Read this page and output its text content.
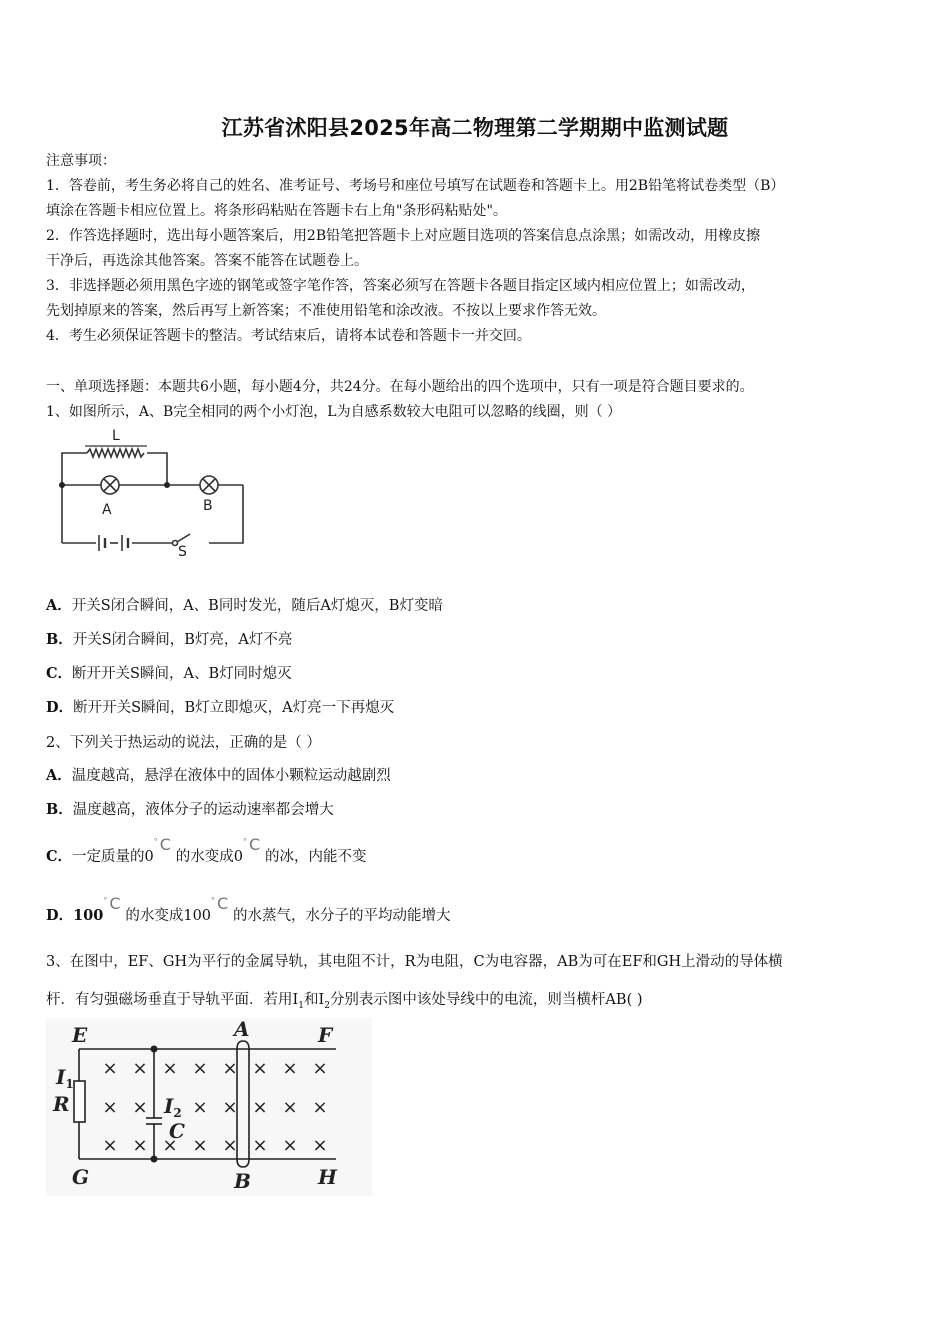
江苏省沭阳县2025年高二物理第二学期期中监测试题
注意事项：
1．答卷前，考生务必将自己的姓名、准考证号、考场号和座位号填写在试题卷和答题卡上。用2B铅笔将试卷类型（B）
填涂在答题卡相应位置上。将条形码粘贴在答题卡右上角"条形码粘贴处"。
2．作答选择题时，选出每小题答案后，用2B铅笔把答题卡上对应题目选项的答案信息点涂黑；如需改动，用橡皮擦
干净后，再选涂其他答案。答案不能答在试题卷上。
3．非选择题必须用黑色字迹的钢笔或签字笔作答，答案必须写在答题卡各题目指定区域内相应位置上；如需改动，
先划掉原来的答案，然后再写上新答案；不准使用铅笔和涂改液。不按以上要求作答无效。
4．考生必须保证答题卡的整洁。考试结束后，请将本试卷和答题卡一并交回。
一、单项选择题：本题共6小题，每小题4分，共24分。在每小题给出的四个选项中，只有一项是符合题目要求的。
1、如图所示，A、B完全相同的两个小灯泡，L为自感系数较大电阻可以忽略的线圈，则（ ）
L
A	B
S
A．开关S闭合瞬间，A、B同时发光，随后A灯熄灭，B灯变暗
B．开关S闭合瞬间，B灯亮，A灯不亮
C．断开开关S瞬间，A、B灯同时熄灭
D．断开开关S瞬间，B灯立即熄灭，A灯亮一下再熄灭
2、下列关于热运动的说法，正确的是（ ）
A．温度越高，悬浮在液体中的固体小颗粒运动越剧烈
B．温度越高，液体分子的运动速率都会增大
C．一定质量的0
° C
的水变成0
° C
的冰，内能不变
D．100
° C
的水变成100
° C
的水蒸气，水分子的平均动能增大
3、在图中，EF、GH为平行的金属导轨，其电阻不计，R为电阻，C为电容器，AB为可在EF和GH上滑动的导体横
杆．有匀强磁场垂直于导轨平面．若用$I_1$和$I_2$分别表示图中该处导线中的电流，则当横杆AB( )
× × × × × × × ×
× × × × × × ×
× × × × × × × ×
E	F
G	H
A
B
R
C
$I_1$
$I_2$
